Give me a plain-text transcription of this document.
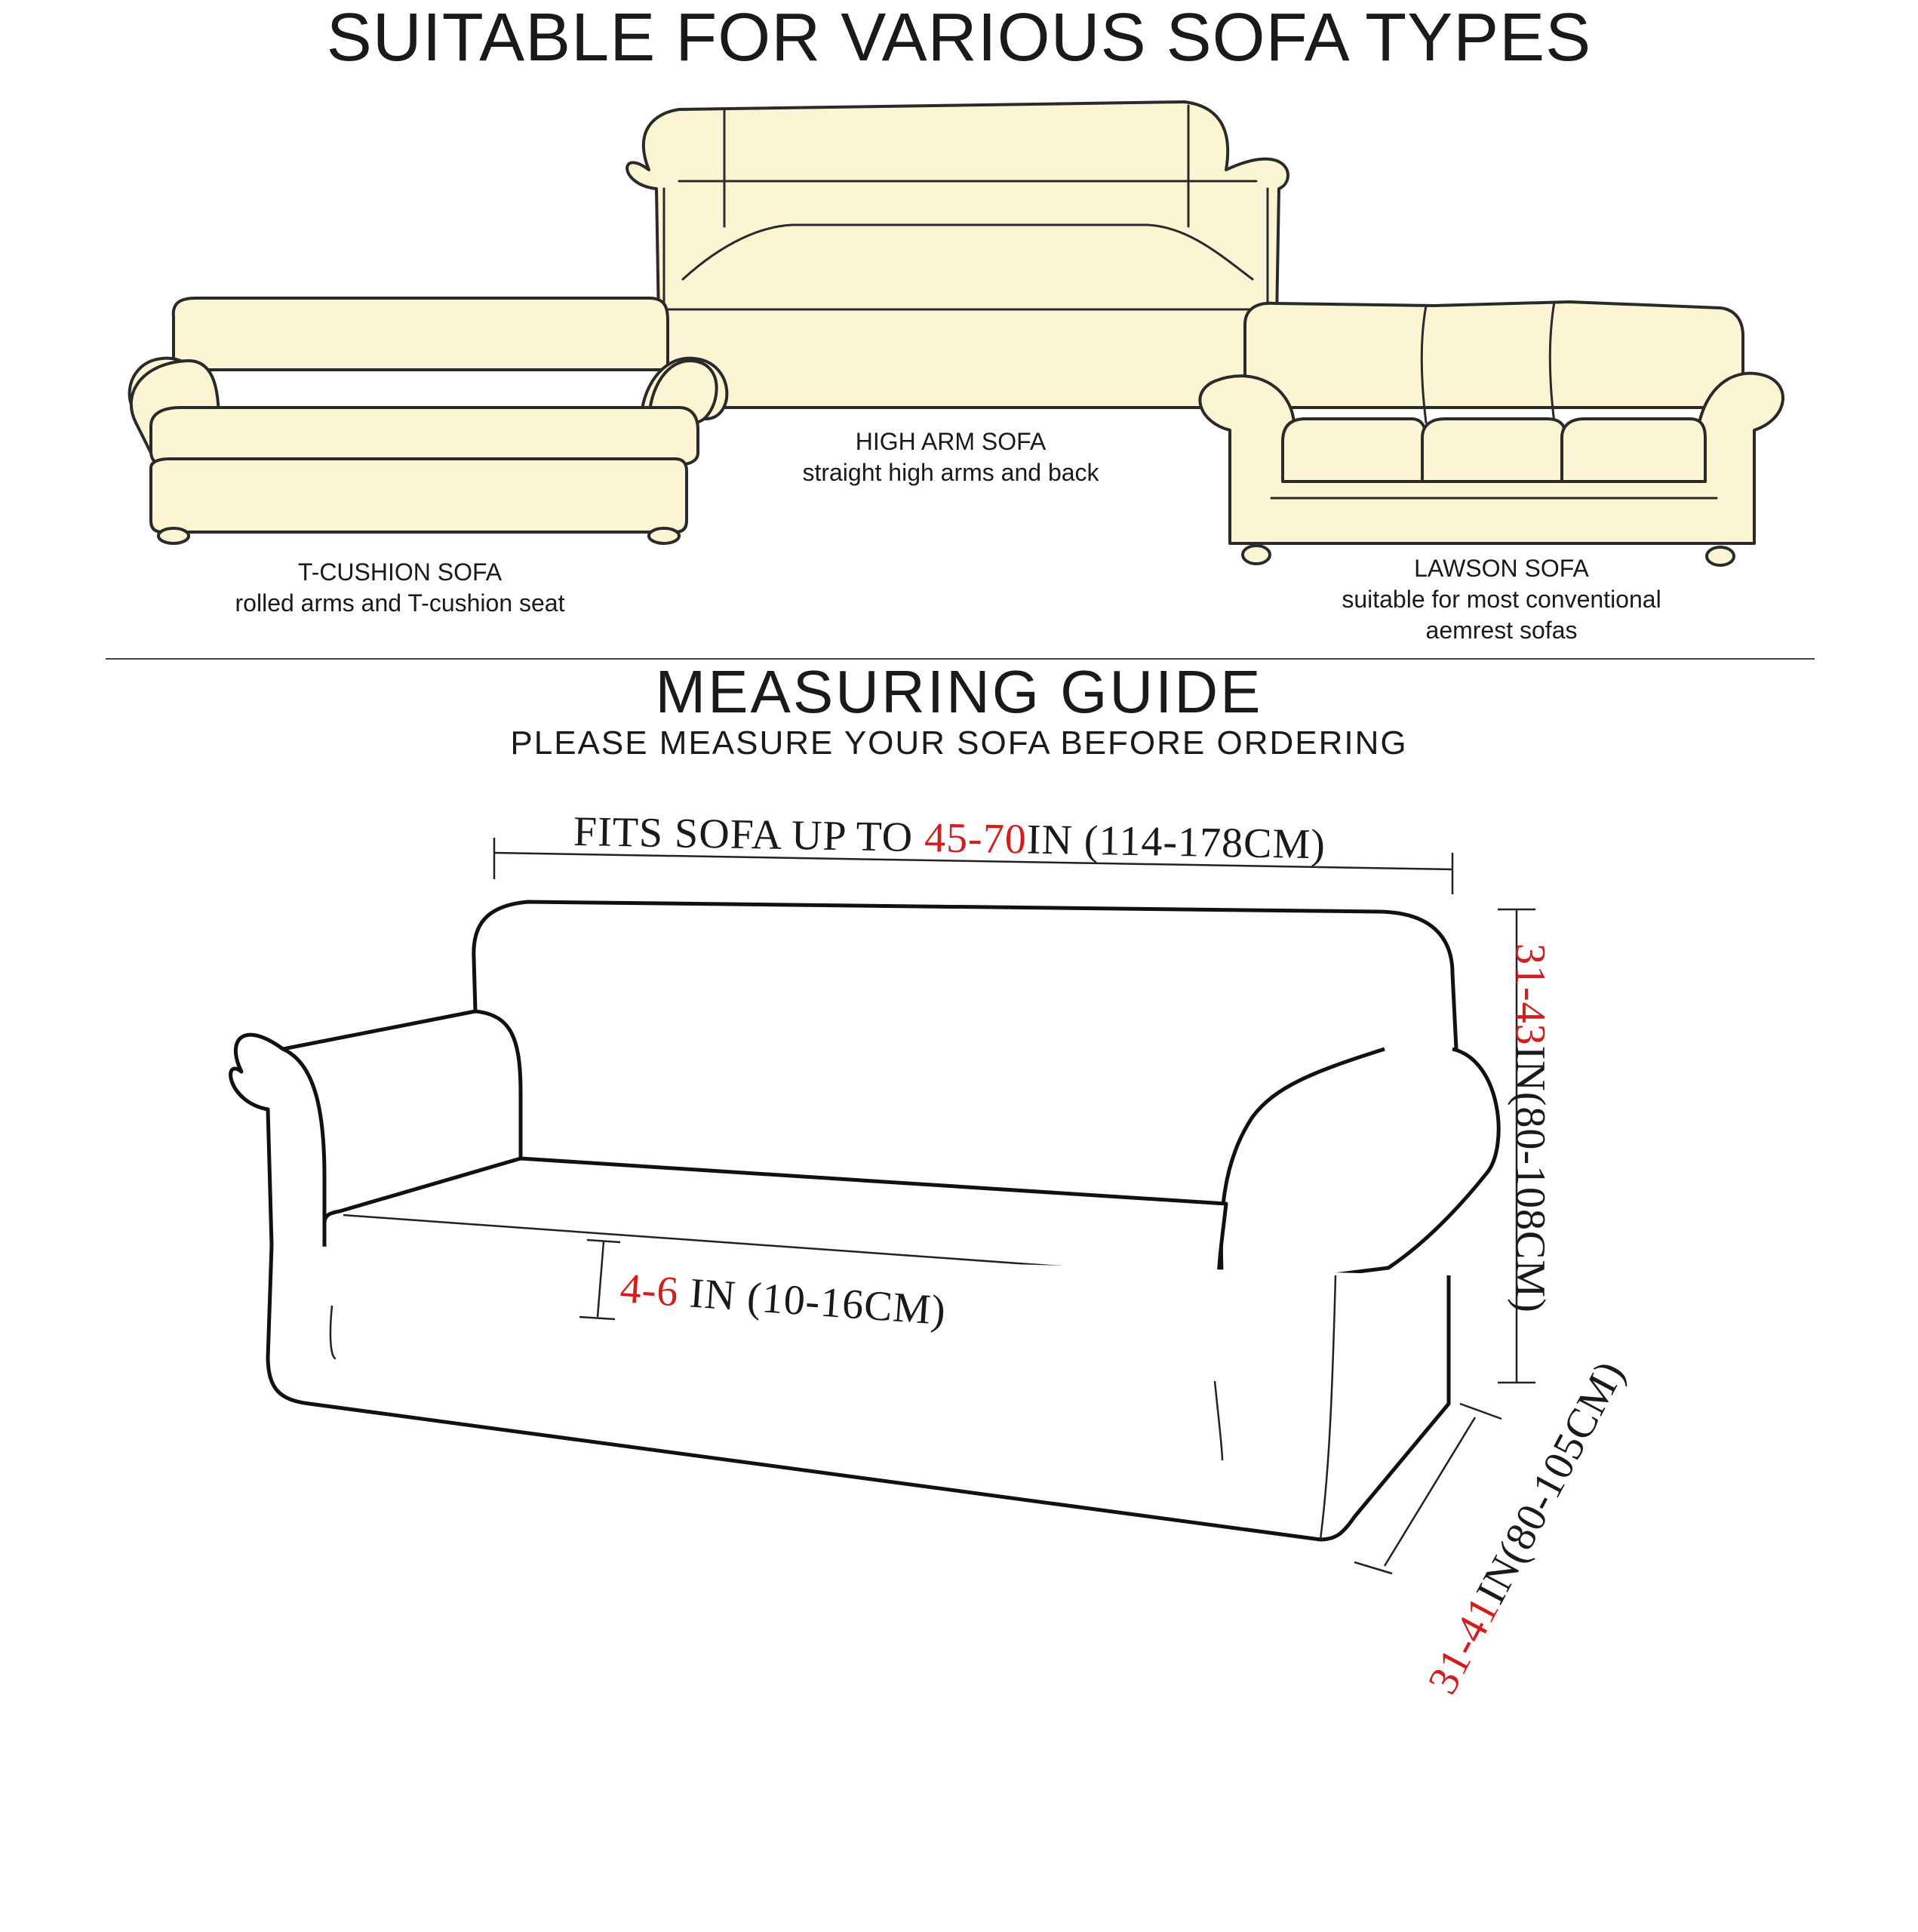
SUITABLE FOR VARIOUS SOFA TYPES
HIGH ARM SOFA
straight high arms and back
T-CUSHION SOFA
rolled arms and T-cushion seat
LAWSON SOFA
suitable for most conventional
aemrest sofas
MEASURING GUIDE
PLEASE MEASURE YOUR SOFA BEFORE ORDERING
FITS SOFA UP TO 45-70IN (114-178CM)
31-43IN(80-108CM)
31-41IN(80-105CM)
4-6 IN (10-16CM)
